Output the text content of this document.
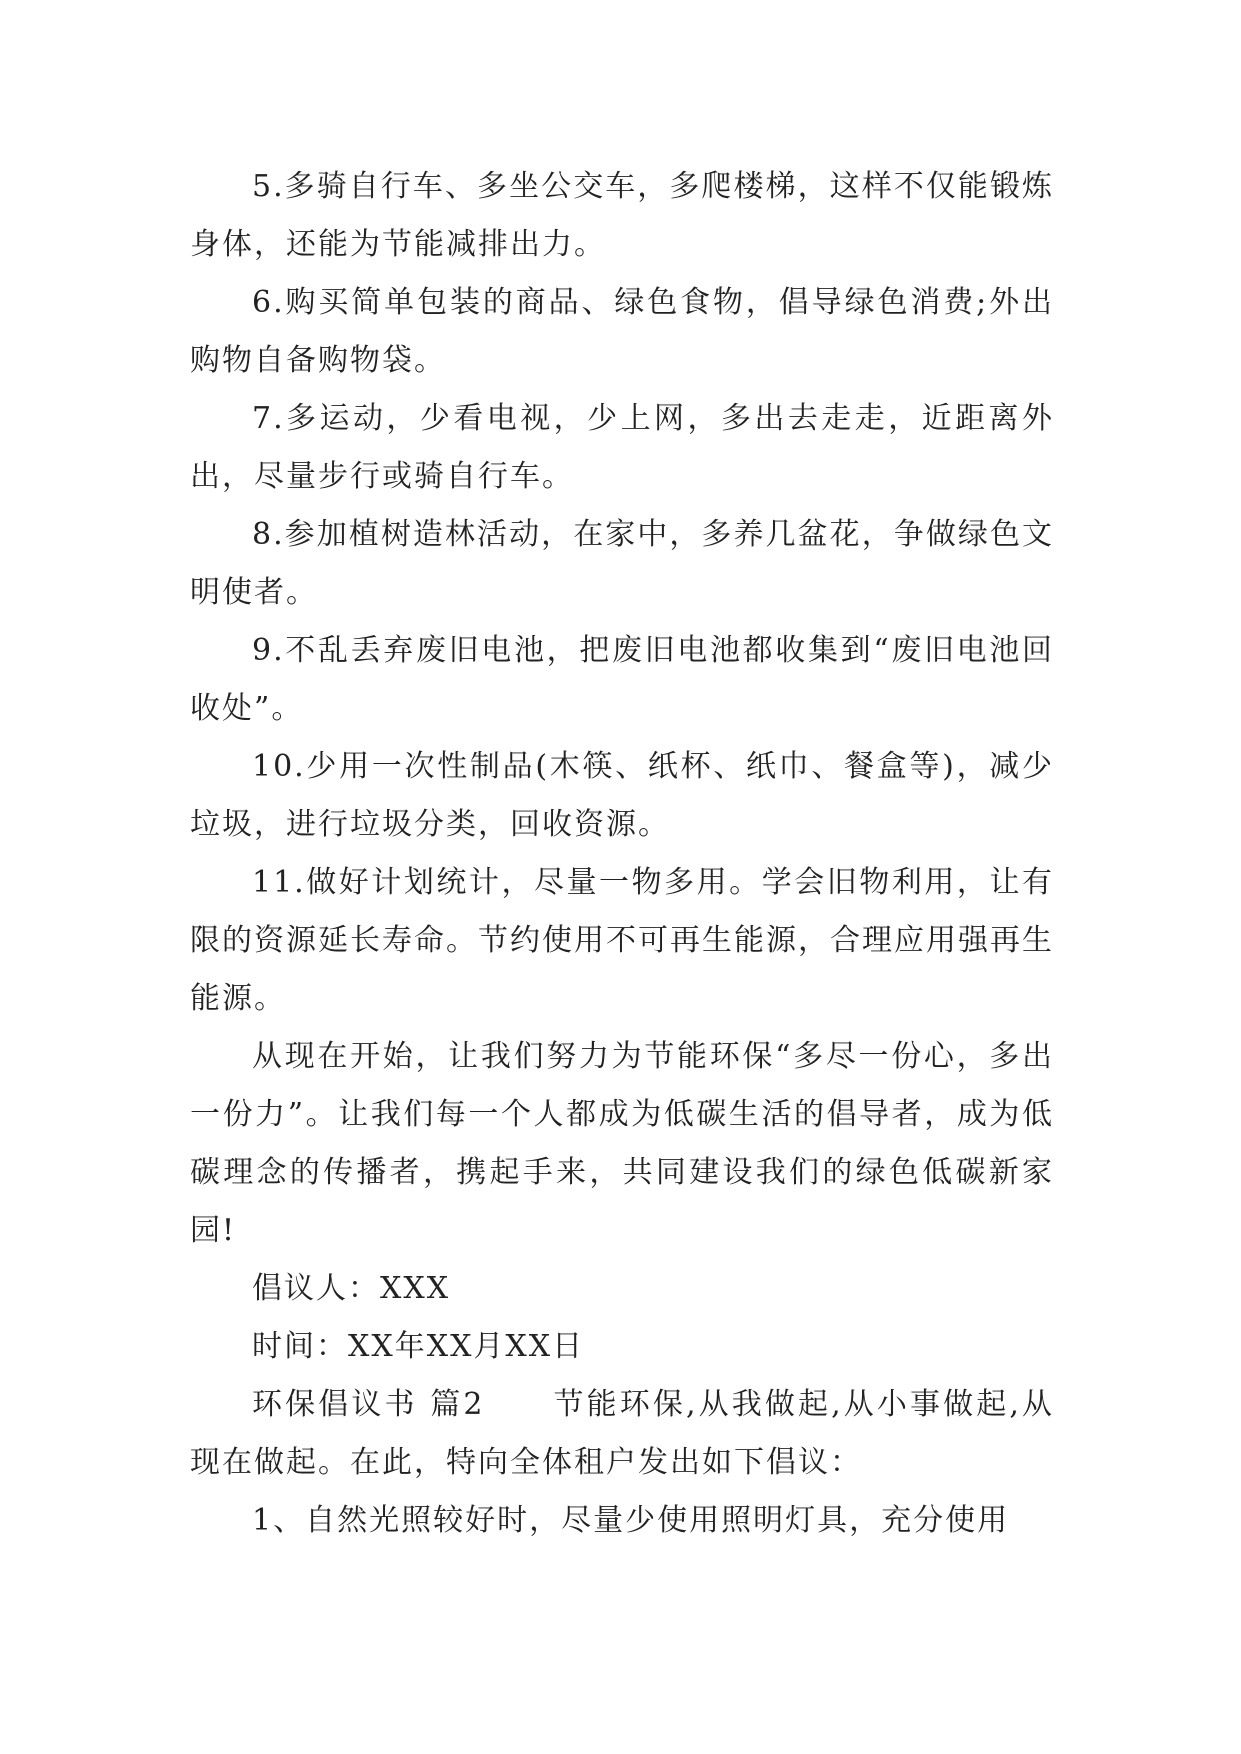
5.多骑自行车、多坐公交车，多爬楼梯，这样不仅能锻炼身体，还能为节能减排出力。

6.购买简单包装的商品、绿色食物，倡导绿色消费;外出购物自备购物袋。

7.多运动，少看电视，少上网，多出去走走，近距离外出，尽量步行或骑自行车。

8.参加植树造林活动，在家中，多养几盆花，争做绿色文明使者。

9.不乱丢弃废旧电池，把废旧电池都收集到“废旧电池回收处”。

10.少用一次性制品(木筷、纸杯、纸巾、餐盒等)，减少垃圾，进行垃圾分类，回收资源。

11.做好计划统计，尽量一物多用。学会旧物利用，让有限的资源延长寿命。节约使用不可再生能源，合理应用强再生能源。

从现在开始，让我们努力为节能环保“多尽一份心，多出一份力”。让我们每一个人都成为低碳生活的倡导者，成为低碳理念的传播者，携起手来，共同建设我们的绿色低碳新家园!

倡议人：XXX

时间：XX年XX月XX日

环保倡议书 篇2 节能环保,从我做起,从小事做起,从现在做起。在此，特向全体租户发出如下倡议：

1、自然光照较好时，尽量少使用照明灯具，充分使用
